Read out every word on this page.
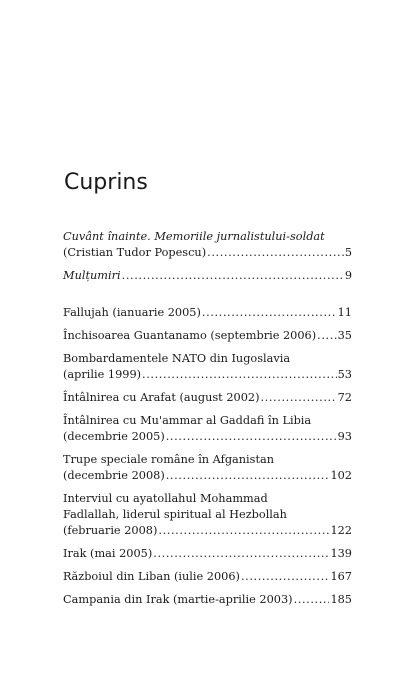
Cuprins
Cuvânt înainte. Memoriile jurnalistului-soldat
(Cristian Tudor Popescu) .....	5
Mulțumiri .....	9
Fallujah (ianuarie 2005) .....	11
Închisoarea Guantanamo (septembrie 2006) ..... 35
Bombardamentele NATO din Iugoslavia
(aprilie 1999) .....	53
Întâlnirea cu Arafat (august 2002) .....	72
Întâlnirea cu Mu'ammar al Gaddafi în Libia
(decembrie 2005) .....	93
Trupe speciale române în Afganistan
(decembrie 2008) .....	102
Interviul cu ayatollahul Mohammad
Fadlallah, liderul spiritual al Hezbollah
(februarie 2008) .....	122
Irak (mai 2005) .....	139
Războiul din Liban (iulie 2006) .....	167
Campania din Irak (martie-aprilie 2003) .....	185
